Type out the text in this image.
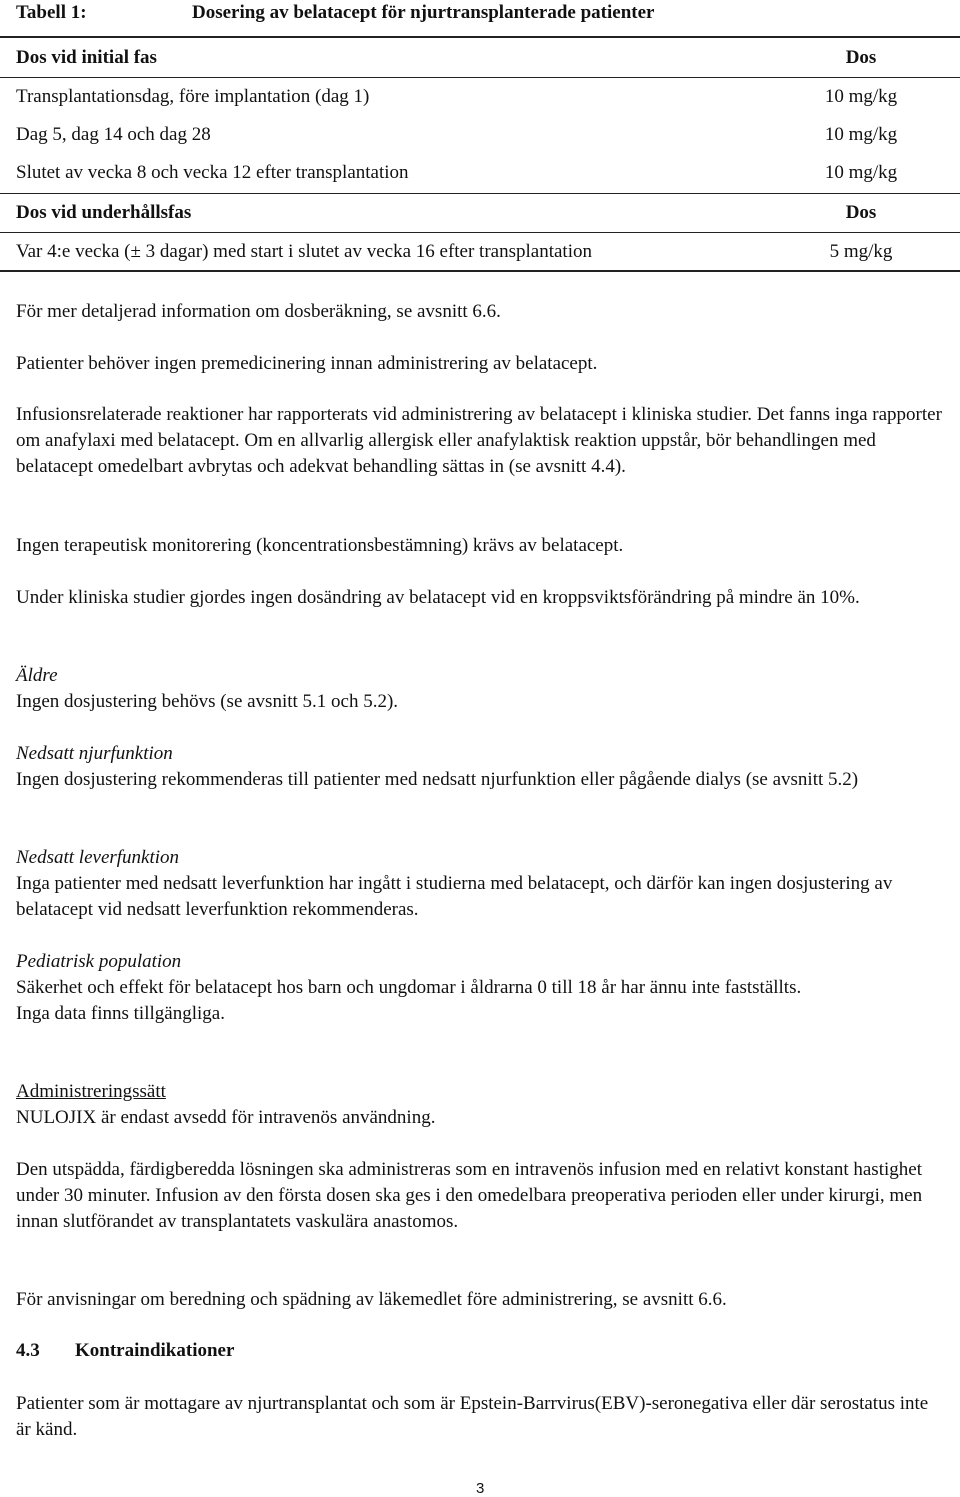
Tabell 1:	Dosering av belatacept för njurtransplanterade patienter
Dos vid initial fas	Dos
Transplantationsdag, före implantation (dag 1)	10 mg/kg
Dag 5, dag 14 och dag 28	10 mg/kg
Slutet av vecka 8 och vecka 12 efter transplantation	10 mg/kg
Dos vid underhållsfas	Dos
Var 4:e vecka (± 3 dagar) med start i slutet av vecka 16 efter transplantation	5 mg/kg
För mer detaljerad information om dosberäkning, se avsnitt 6.6.
Patienter behöver ingen premedicinering innan administrering av belatacept.
Infusionsrelaterade reaktioner har rapporterats vid administrering av belatacept i kliniska studier. Det fanns inga rapporter om anafylaxi med belatacept. Om en allvarlig allergisk eller anafylaktisk reaktion uppstår, bör behandlingen med belatacept omedelbart avbrytas och adekvat behandling sättas in (se avsnitt 4.4).
Ingen terapeutisk monitorering (koncentrationsbestämning) krävs av belatacept.
Under kliniska studier gjordes ingen dosändring av belatacept vid en kroppsviktsförändring på mindre än 10%.
Äldre
Ingen dosjustering behövs (se avsnitt 5.1 och 5.2).
Nedsatt njurfunktion
Ingen dosjustering rekommenderas till patienter med nedsatt njurfunktion eller pågående dialys (se avsnitt 5.2)
Nedsatt leverfunktion
Inga patienter med nedsatt leverfunktion har ingått i studierna med belatacept, och därför kan ingen dosjustering av belatacept vid nedsatt leverfunktion rekommenderas.
Pediatrisk population
Säkerhet och effekt för belatacept hos barn och ungdomar i åldrarna 0 till 18 år har ännu inte fastställts.
Inga data finns tillgängliga.
Administreringssätt
NULOJIX är endast avsedd för intravenös användning.
Den utspädda, färdigberedda lösningen ska administreras som en intravenös infusion med en relativt konstant hastighet under 30 minuter. Infusion av den första dosen ska ges i den omedelbara preoperativa perioden eller under kirurgi, men innan slutförandet av transplantatets vaskulära anastomos.
För anvisningar om beredning och spädning av läkemedlet före administrering, se avsnitt 6.6.
4.3 Kontraindikationer
Patienter som är mottagare av njurtransplantat och som är Epstein-Barrvirus(EBV)-seronegativa eller där serostatus inte är känd.
3
